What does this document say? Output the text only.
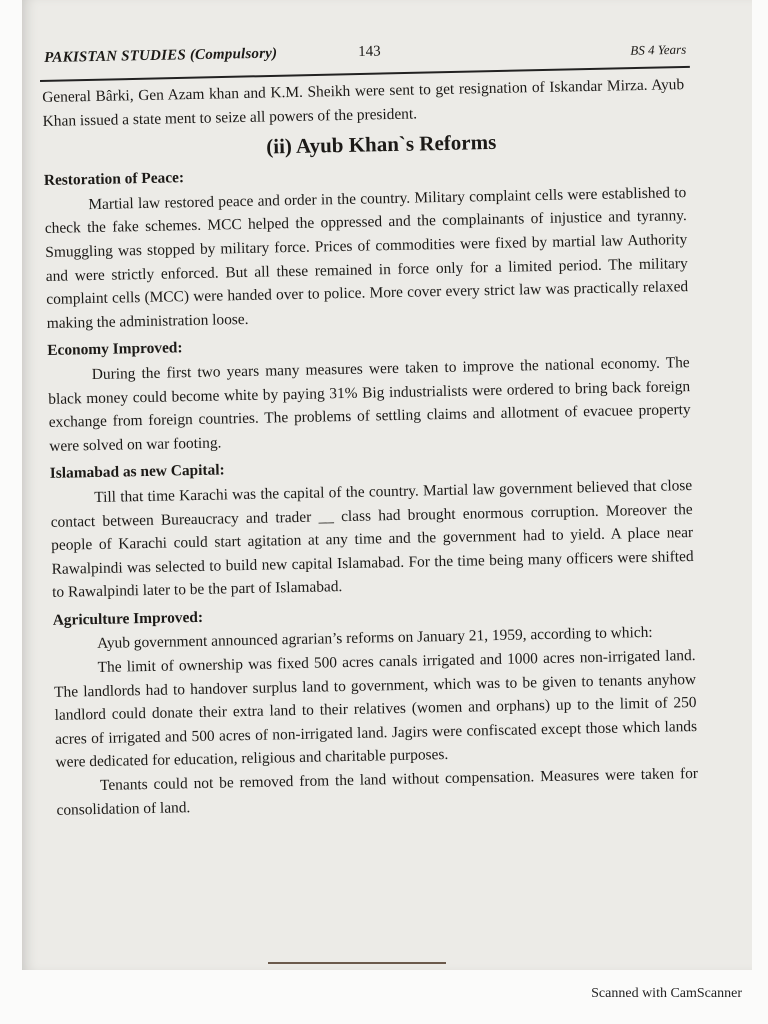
PAKISTAN STUDIES (Compulsory)	143	BS 4 Years

General Bârki, Gen Azam khan and K.M. Sheikh were sent to get resignation of Iskandar Mirza. Ayub Khan issued a state ment to seize all powers of the president.

(ii) Ayub Khan`s Reforms
Restoration of Peace:

Martial law restored peace and order in the country. Military complaint cells were established to check the fake schemes. MCC helped the oppressed and the complainants of injustice and tyranny. Smuggling was stopped by military force. Prices of commodities were fixed by martial law Authority and were strictly enforced. But all these remained in force only for a limited period. The military complaint cells (MCC) were handed over to police. More cover every strict law was practically relaxed making the administration loose.

Economy Improved:

During the first two years many measures were taken to improve the national economy. The black money could become white by paying 31% Big industrialists were ordered to bring back foreign exchange from foreign countries. The problems of settling claims and allotment of evacuee property were solved on war footing.

Islamabad as new Capital:

Till that time Karachi was the capital of the country. Martial law government believed that close contact between Bureaucracy and trader __ class had brought enormous corruption. Moreover the people of Karachi could start agitation at any time and the government had to yield. A place near Rawalpindi was selected to build new capital Islamabad. For the time being many officers were shifted to Rawalpindi later to be the part of Islamabad.

Agriculture Improved:

Ayub government announced agrarian’s reforms on January 21, 1959, according to which:

The limit of ownership was fixed 500 acres canals irrigated and 1000 acres non-irrigated land. The landlords had to handover surplus land to government, which was to be given to tenants anyhow landlord could donate their extra land to their relatives (women and orphans) up to the limit of 250 acres of irrigated and 500 acres of non-irrigated land. Jagirs were confiscated except those which lands were dedicated for education, religious and charitable purposes.

Tenants could not be removed from the land without compensation. Measures were taken for consolidation of land.

Scanned with CamScanner
